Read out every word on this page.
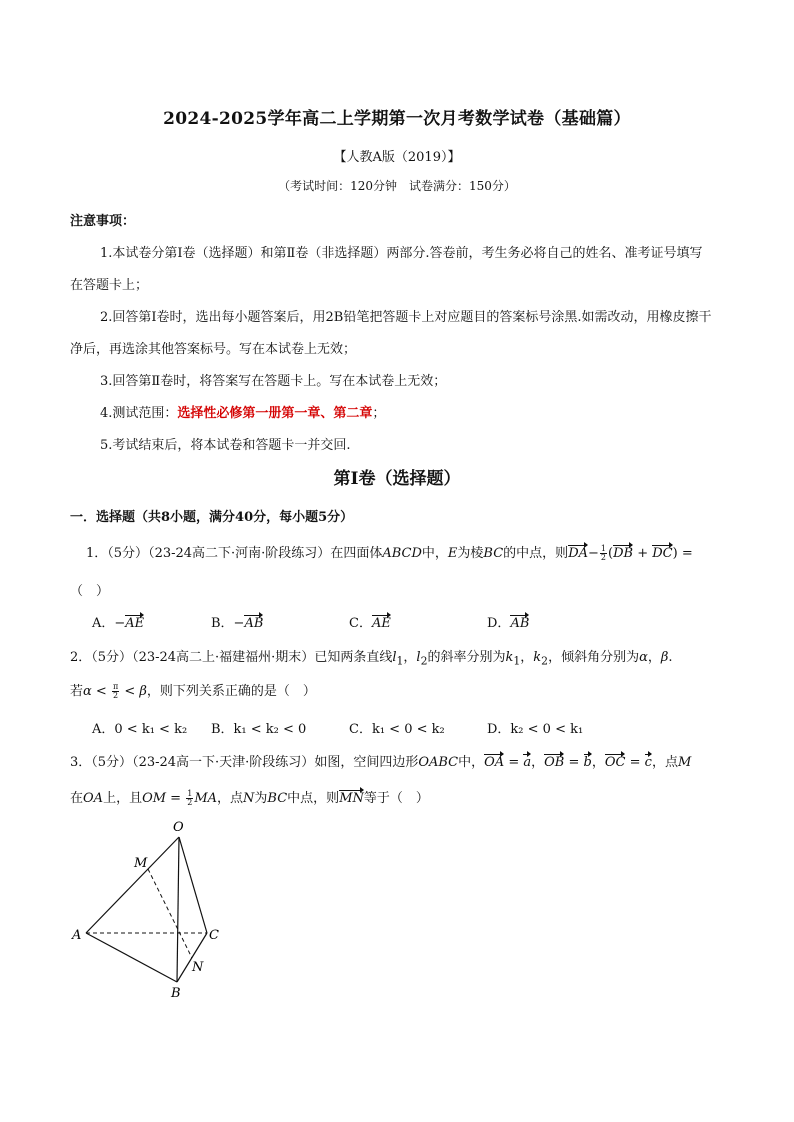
2024-2025学年高二上学期第一次月考数学试卷（基础篇）
【人教A版（2019）】
（考试时间：120分钟　试卷满分：150分）
注意事项：
1.本试卷分第Ⅰ卷（选择题）和第Ⅱ卷（非选择题）两部分.答卷前，考生务必将自己的姓名、准考证号填写
在答题卡上；
2.回答第Ⅰ卷时，选出每小题答案后，用2B铅笔把答题卡上对应题目的答案标号涂黑.如需改动，用橡皮擦干
净后，再选涂其他答案标号。写在本试卷上无效；
3.回答第Ⅱ卷时，将答案写在答题卡上。写在本试卷上无效；
4.测试范围：选择性必修第一册第一章、第二章；
5.考试结束后，将本试卷和答题卡一并交回.
第Ⅰ卷（选择题）
一．选择题（共8小题，满分40分，每小题5分）
1．（5分）（23-24高二下·河南·阶段练习）在四面体ABCD中，E为棱BC的中点，则$DA- \frac{1}{2} (DB + DC)$ =
（　）
A．−AE	B．−AB	C．AE	D．AB
2．（5分）（23-24高二上·福建福州·期末）已知两条直线$l_1$，$l_2$的斜率分别为$k_1$，$k_2$，倾斜角分别为α，β.
若$\alpha < \frac{\pi}{2} < \beta$，则下列关系正确的是（　）
A．0 < k₁ < k₂ B．k₁ < k₂ < 0	C．k₁ < 0 < k₂	D．k₂ < 0 < k₁
3．（5分）（23-24高一下·天津·阶段练习）如图，空间四边形OABC中，OA = a，OB = b，OC = c，点M
在OA上，且OM = $\frac{1}{2}$ MA，点N为BC中点，则MN等于（　）
O
M
A	C
N
B
